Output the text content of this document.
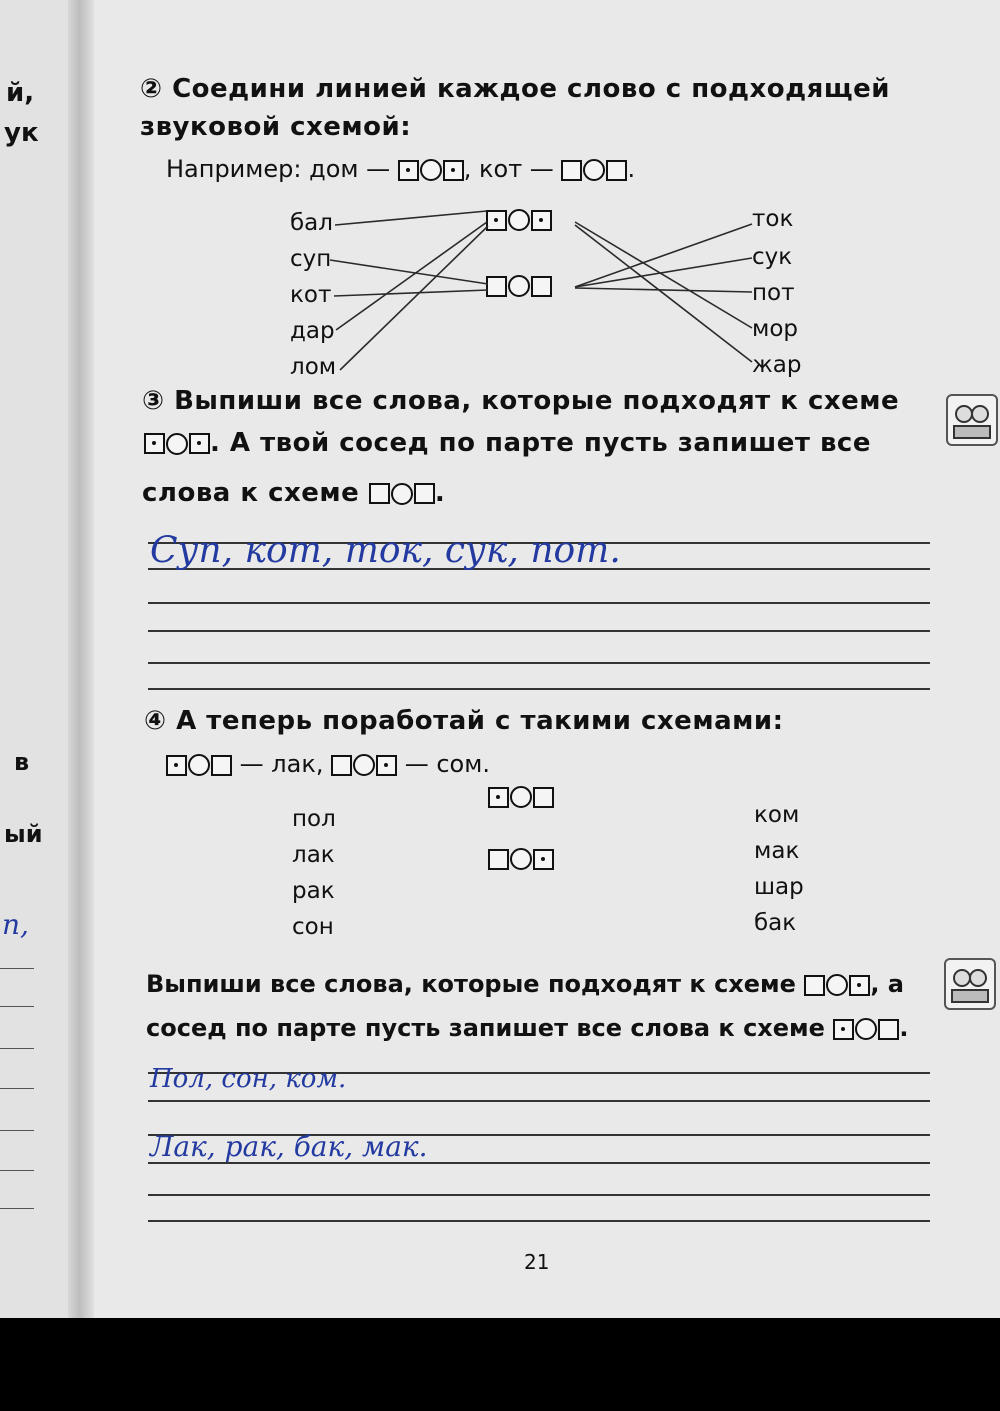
й,
ук
в
ый
п,
② Соедини линией каждое слово с подходящей
звуковой схемой:
Например: дом —	, кот —	.
бал
суп
кот
дар
лом
ток
сук
пот
мор
жар
③ Выпиши все слова, которые подходят к схеме
. А твой сосед по парте пусть запишет все
слова к схеме	.
Суп, кот, ток, сук, пот.
④ А теперь поработай с такими схемами:
— лак,	— сом.
пол
лак
рак
сон
ком
мак
шар
бак
Выпиши все слова, которые подходят к схеме	, а
сосед по парте пусть запишет все слова к схеме	.
Пол, сон, ком.
Лак, рак, бак, мак.
21
